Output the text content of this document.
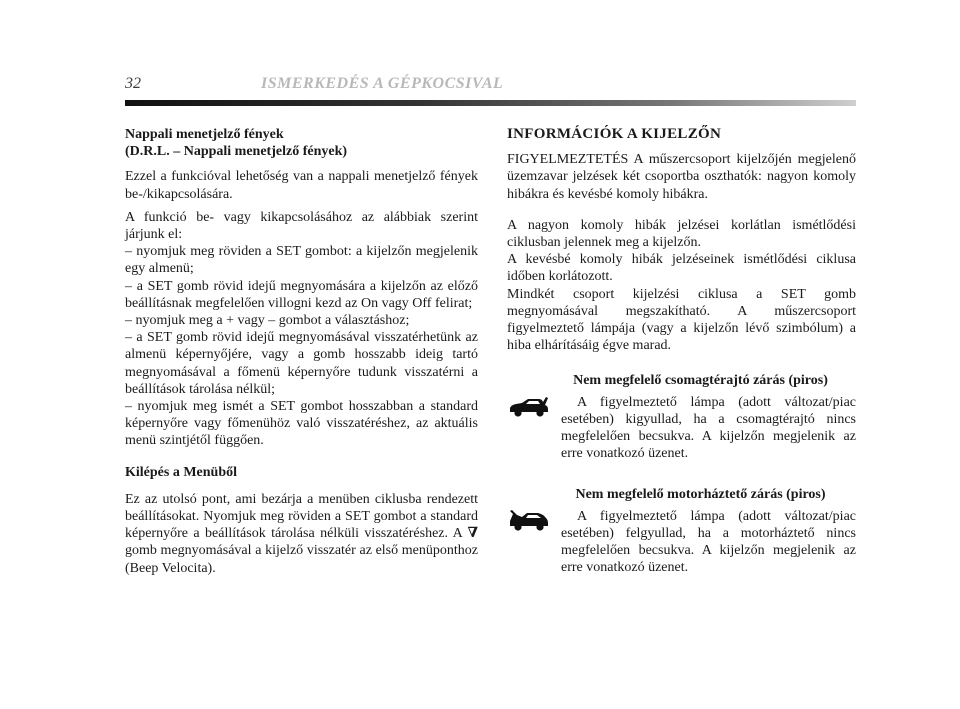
32	ISMERKEDÉS A GÉPKOCSIVAL

Nappali menetjelző fények

(D.R.L. – Nappali menetjelző fények)

Ezzel a funkcióval lehetőség van a nappali menetjelző fények be-/kikapcsolására.

A funkció be- vagy kikapcsolásához az alábbiak szerint járjunk el:

– nyomjuk meg röviden a SET gombot: a kijelzőn megjelenik egy almenü;

– a SET gomb rövid idejű megnyomására a kijelzőn az előző beállításnak megfelelően villogni kezd az On vagy Off felirat;

– nyomjuk meg a + vagy – gombot a választáshoz;

– a SET gomb rövid idejű megnyomásával visszatérhetünk az almenü képernyőjére, vagy a gomb hosszabb ideig tartó megnyomásával a főmenü képernyőre tudunk visszatérni a beállítások tárolása nélkül;

– nyomjuk meg ismét a SET gombot hosszabban a standard képernyőre vagy főmenühöz való visszatéréshez, az aktuális menü szintjétől függően.

Kilépés a Menüből

Ez az utolsó pont, ami bezárja a menüben ciklusba rendezett beállításokat. Nyomjuk meg röviden a SET gombot a standard képernyőre a beállítások tárolása nélküli visszatéréshez. A ∇ gomb megnyomásával a kijelző visszatér az első menüponthoz (Beep Velocita).

INFORMÁCIÓK A KIJELZŐN

FIGYELMEZTETÉS A műszercsoport kijelzőjén megjelenő üzemzavar jelzések két csoportba oszthatók: nagyon komoly hibákra és kevésbé komoly hibákra.

A nagyon komoly hibák jelzései korlátlan ismétlődési ciklusban jelennek meg a kijelzőn.

A kevésbé komoly hibák jelzéseinek ismétlődési ciklusa időben korlátozott.

Mindkét csoport kijelzési ciklusa a SET gomb megnyomásával megszakítható. A műszercsoport figyelmeztető lámpája (vagy a kijelzőn lévő szimbólum) a hiba elhárításáig égve marad.

Nem megfelelő csomagtérajtó zárás (piros)

A figyelmeztető lámpa (adott változat/piac esetében) kigyullad, ha a csomagtérajtó nincs megfelelően becsukva. A kijelzőn megjelenik az erre vonatkozó üzenet.

Nem megfelelő motorháztető zárás (piros)

A figyelmeztető lámpa (adott változat/piac esetében) felgyullad, ha a motorháztető nincs megfelelően becsukva. A kijelzőn megjelenik az erre vonatkozó üzenet.
